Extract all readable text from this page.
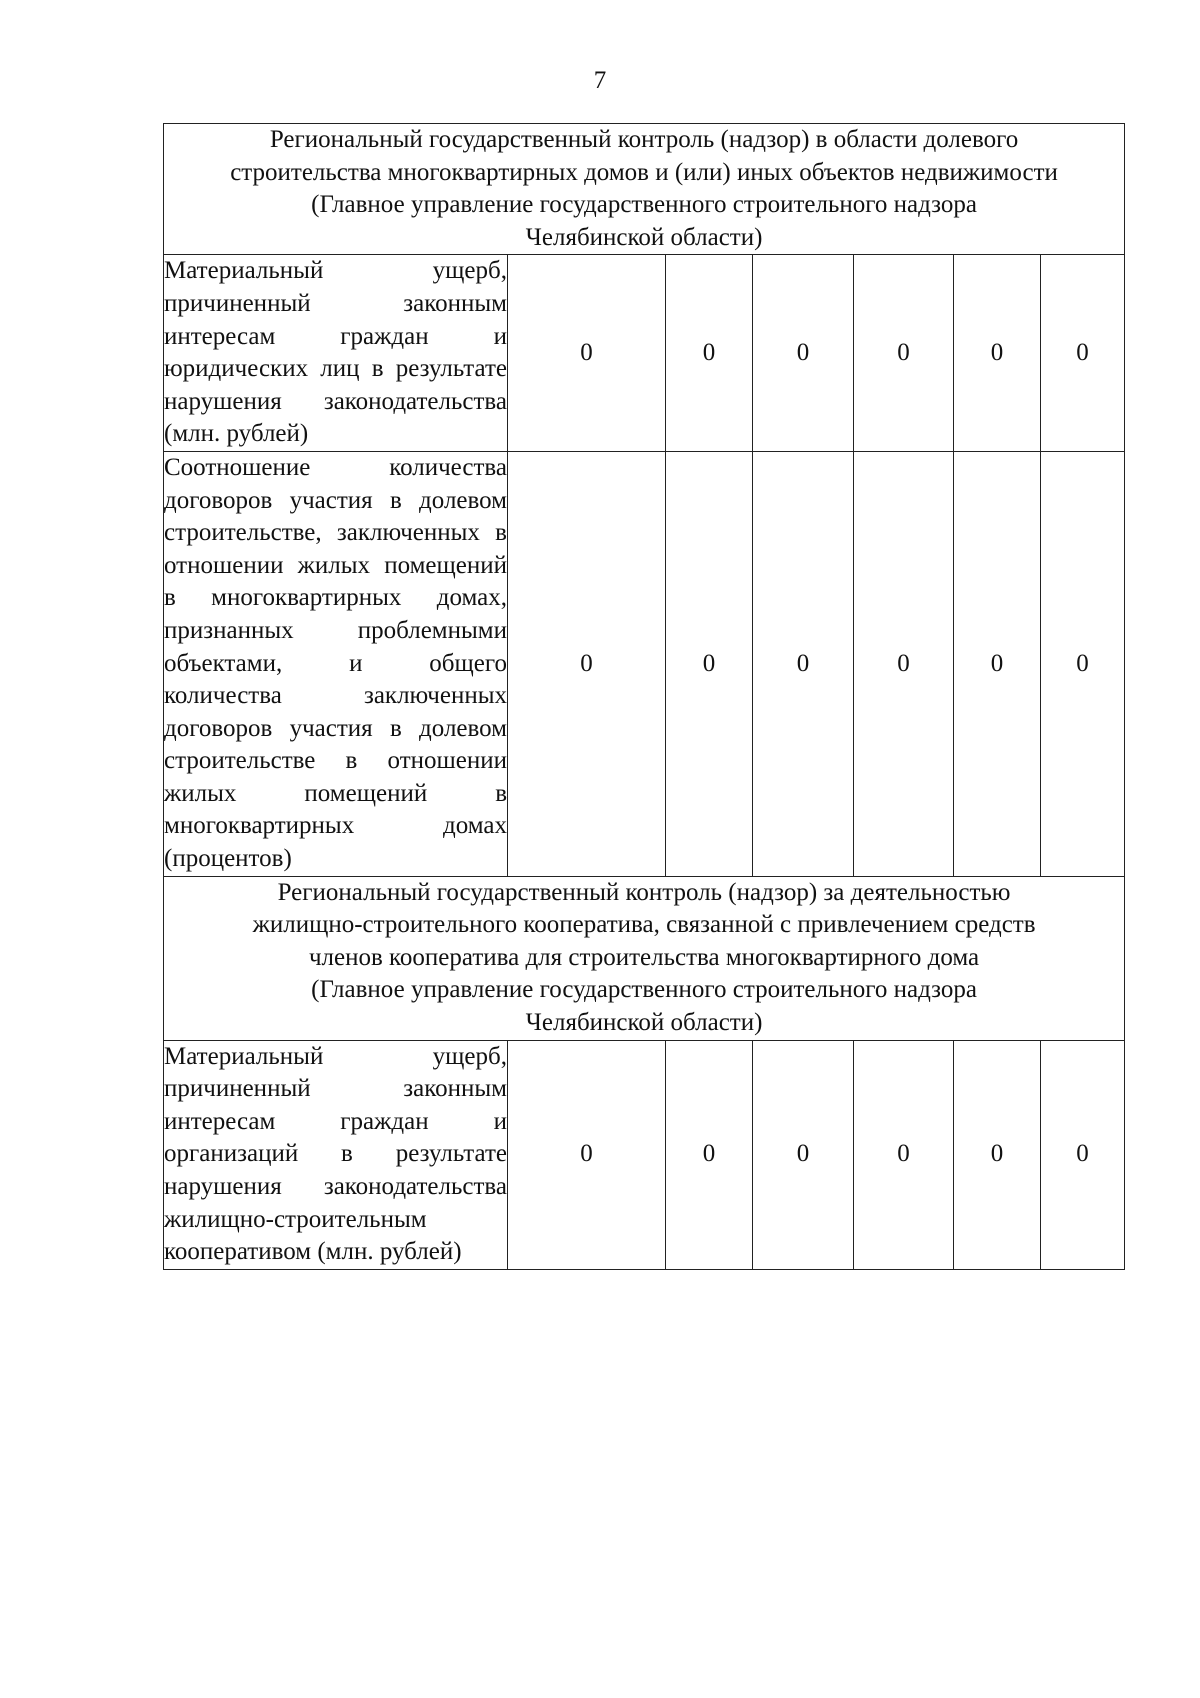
7
Региональный государственный контроль (надзор) в области долевого
строительства многоквартирных домов и (или) иных объектов недвижимости
(Главное управление государственного строительного надзора
Челябинской области)						

Материальный ущерб, причиненный законным интересам граждан и юридических лиц в результате нарушения законодательства (млн. рублей)	0	0	0	0	0	0
Соотношение количества договоров участия в долевом строительстве, заключенных в отношении жилых помещений в многоквартирных домах, признанных проблемными объектами, и общего количества заключенных договоров участия в долевом строительстве в отношении жилых помещений в многоквартирных домах (процентов)	0	0	0	0	0	0

Региональный государственный контроль (надзор) за деятельностью
жилищно-строительного кооператива, связанной с привлечением средств
членов кооператива для строительства многоквартирного дома
(Главное управление государственного строительного надзора
Челябинской области)						

Материальный ущерб, причиненный законным интересам граждан и организаций в результате нарушения законодательства жилищно-строительным кооперативом (млн. рублей)	0	0	0	0	0	0
